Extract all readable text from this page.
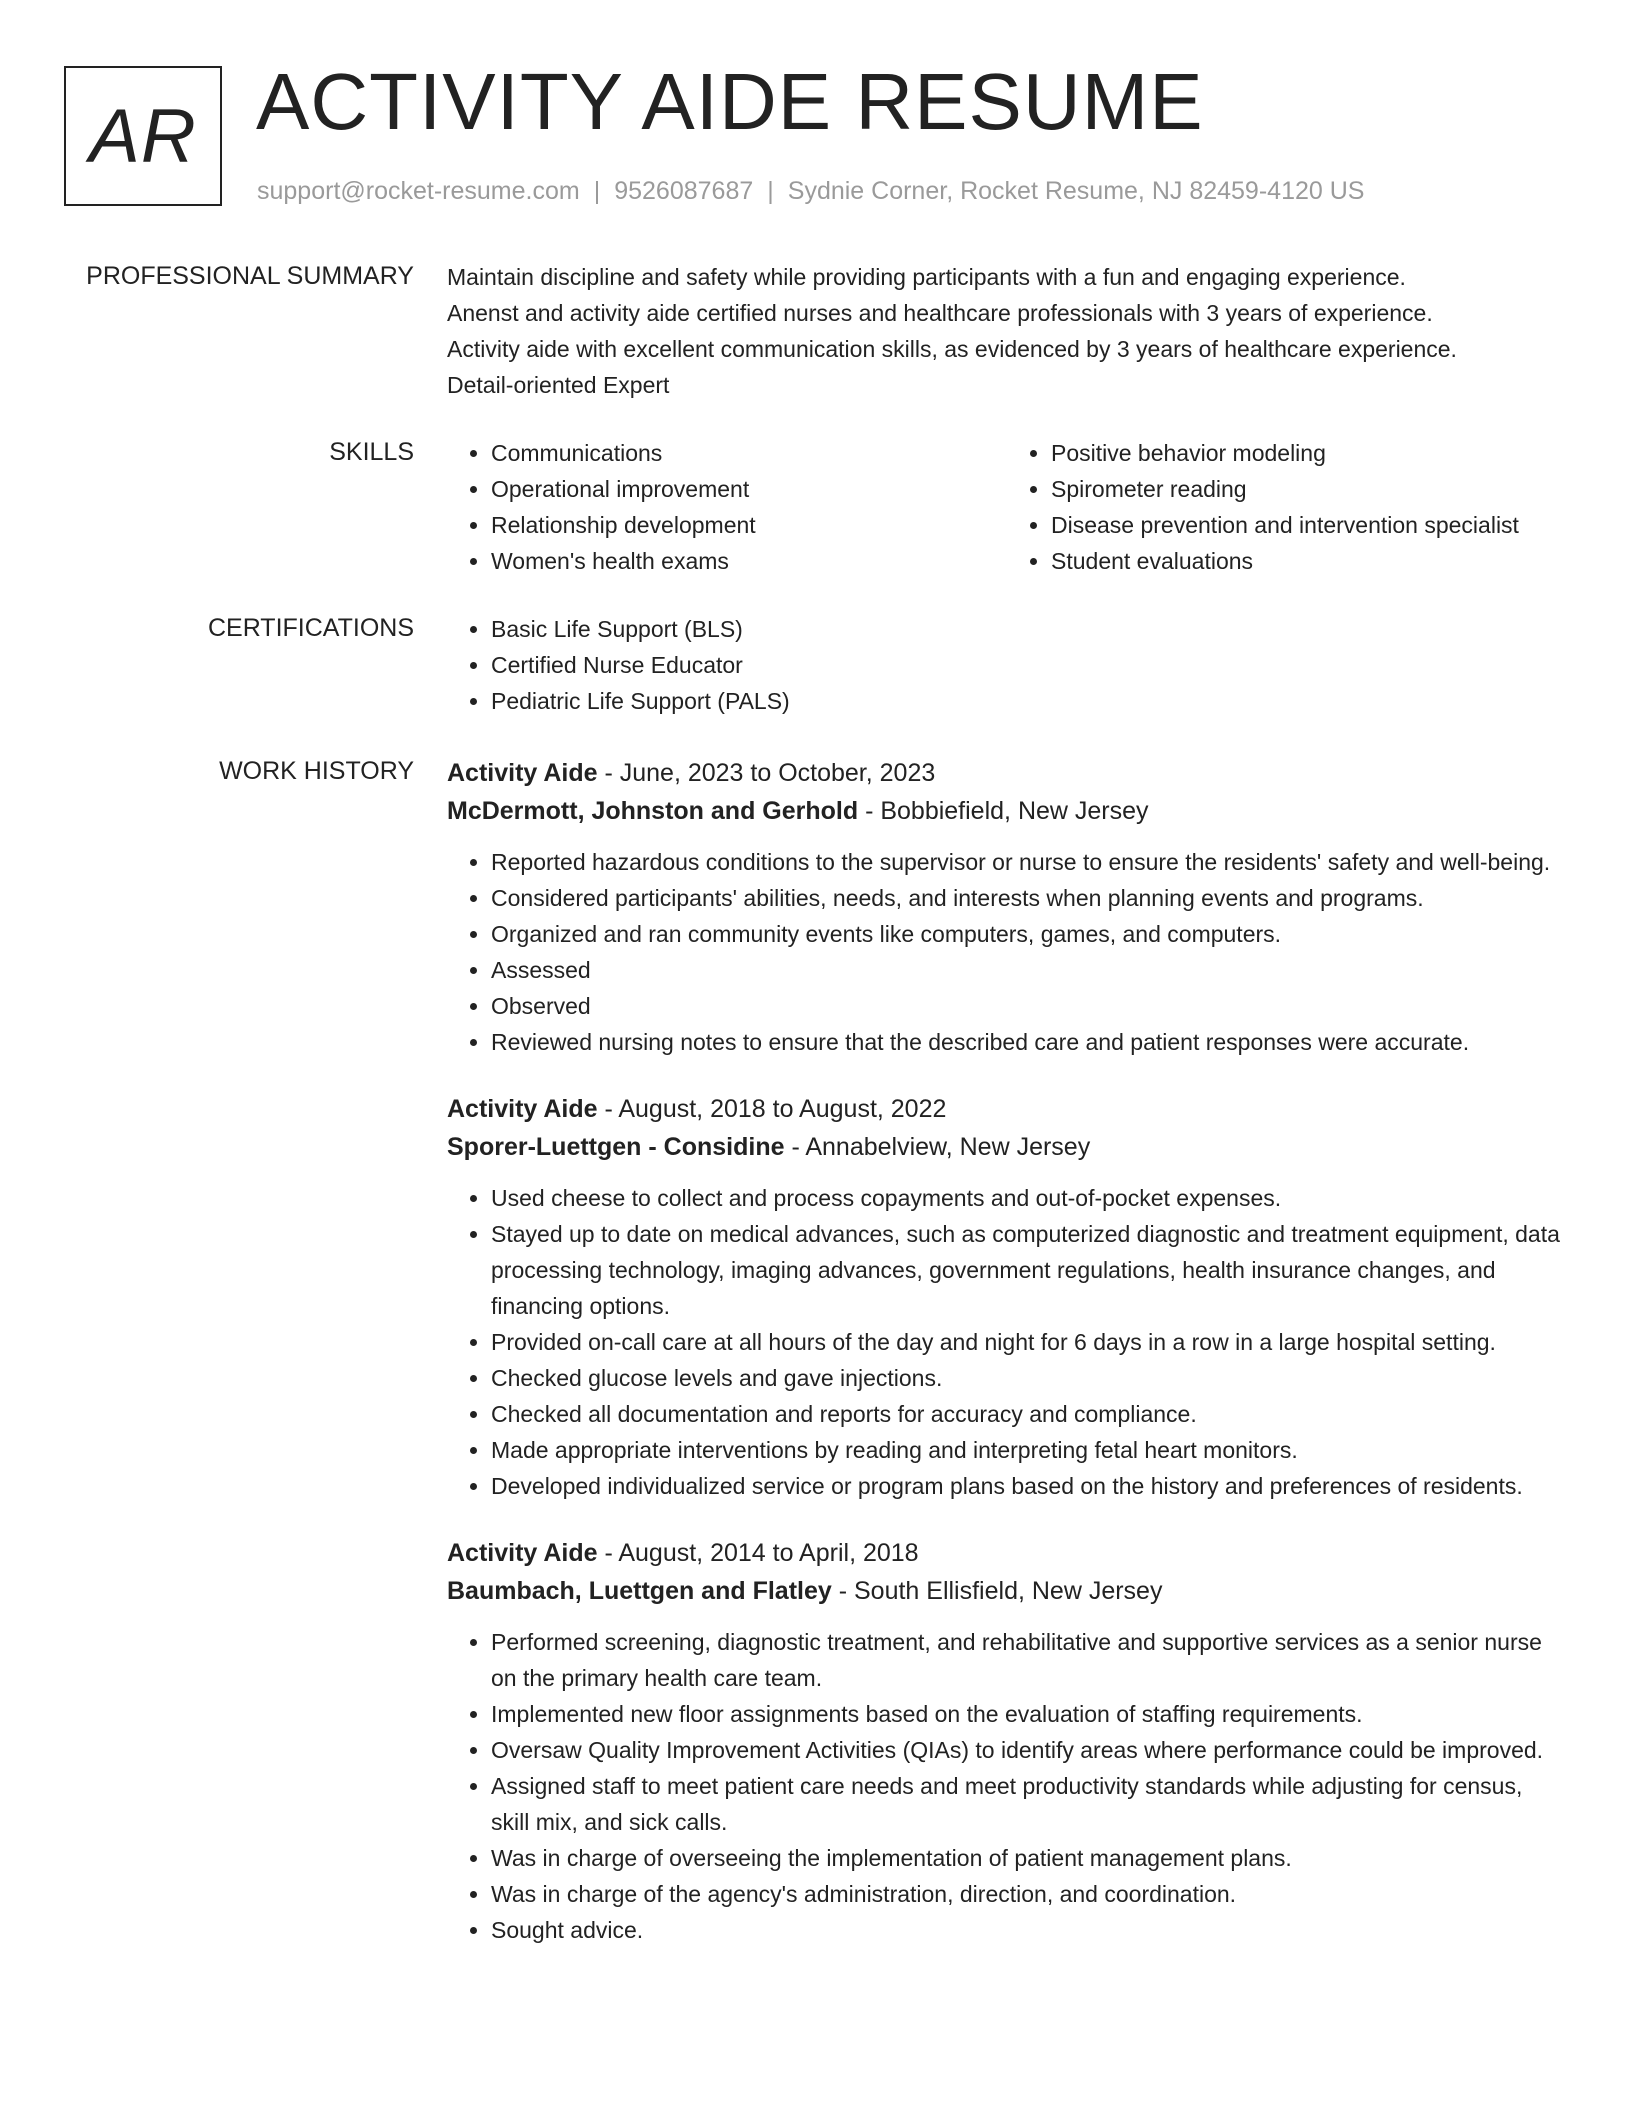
AR ACTIVITY AIDE RESUME
support@rocket-resume.com | 9526087687 | Sydnie Corner, Rocket Resume, NJ 82459-4120 US
PROFESSIONAL SUMMARY Maintain discipline and safety while providing participants with a fun and engaging experience.

Anenst and activity aide certified nurses and healthcare professionals with 3 years of experience.

Activity aide with excellent communication skills, as evidenced by 3 years of healthcare experience.

Detail-oriented Expert

SKILLS	• Communications
• Operational improvement
• Relationship development
• Women's health exams
• Positive behavior modeling
• Spirometer reading
• Disease prevention and intervention specialist
• Student evaluations
CERTIFICATIONS	• Basic Life Support (BLS)
• Certified Nurse Educator
• Pediatric Life Support (PALS)
WORK HISTORY Activity Aide - June, 2023 to October, 2023
McDermott, Johnston and Gerhold - Bobbiefield, New Jersey
• Reported hazardous conditions to the supervisor or nurse to ensure the residents' safety and well-being.
• Considered participants' abilities, needs, and interests when planning events and programs.
• Organized and ran community events like computers, games, and computers.
• Assessed
• Observed
• Reviewed nursing notes to ensure that the described care and patient responses were accurate.
Activity Aide - August, 2018 to August, 2022
Sporer-Luettgen - Considine - Annabelview, New Jersey
• Used cheese to collect and process copayments and out-of-pocket expenses.
• Stayed up to date on medical advances, such as computerized diagnostic and treatment equipment, data processing technology, imaging advances, government regulations, health insurance changes, and financing options.
• Provided on-call care at all hours of the day and night for 6 days in a row in a large hospital setting.
• Checked glucose levels and gave injections.
• Checked all documentation and reports for accuracy and compliance.
• Made appropriate interventions by reading and interpreting fetal heart monitors.
• Developed individualized service or program plans based on the history and preferences of residents.
Activity Aide - August, 2014 to April, 2018
Baumbach, Luettgen and Flatley - South Ellisfield, New Jersey
• Performed screening, diagnostic treatment, and rehabilitative and supportive services as a senior nurse on the primary health care team.
• Implemented new floor assignments based on the evaluation of staffing requirements.
• Oversaw Quality Improvement Activities (QIAs) to identify areas where performance could be improved.
• Assigned staff to meet patient care needs and meet productivity standards while adjusting for census, skill mix, and sick calls.
• Was in charge of overseeing the implementation of patient management plans.
• Was in charge of the agency's administration, direction, and coordination.
• Sought advice.
